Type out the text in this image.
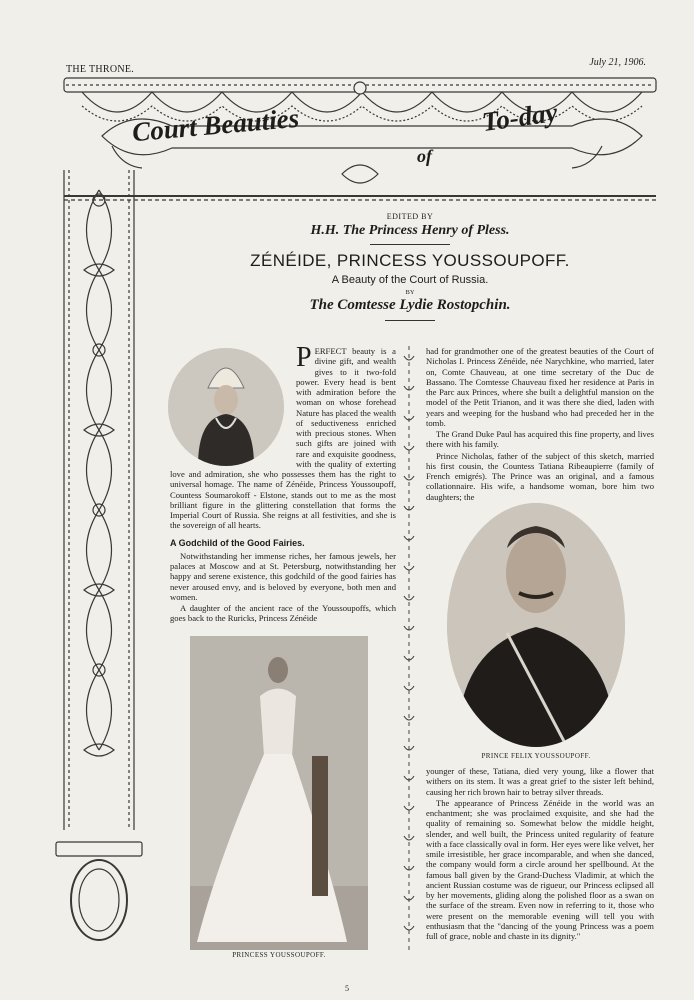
THE THRONE.
July 21, 1906.
Court Beauties
of
To-day
EDITED BY
H.H. The Princess Henry of Pless.
ZÉNÉIDE, PRINCESS YOUSSOUPOFF.
A Beauty of the Court of Russia.
BY
The Comtesse Lydie Rostopchin.

PERFECT beauty is a divine gift, and wealth gives to it two-fold power. Every head is bent with admiration before the woman on whose forehead Nature has placed the wealth of seductiveness enriched with precious stones. When such gifts are joined with rare and exquisite goodness, with the quality of exterting love and admiration, she who possesses them has the right to universal homage. The name of Zénéide, Princess Youssoupoff, Countess Soumarokoff - Elstone, stands out to me as the most brilliant figure in the glittering constellation that forms the Imperial Court of Russia. She reigns at all festivities, and she is the sovereign of all hearts.

A Godchild of the Good Fairies.

Notwithstanding her immense riches, her famous jewels, her palaces at Moscow and at St. Petersburg, notwithstanding her happy and serene existence, this godchild of the good fairies has never aroused envy, and is beloved by everyone, both men and women.

A daughter of the ancient race of the Youssoupoffs, which goes back to the Ruricks, Princess Zénéide

PRINCESS YOUSSOUPOFF.

had for grandmother one of the greatest beauties of the Court of Nicholas I. Princess Zénéide, née Narychkine, who married, later on, Comte Chauveau, at one time secretary of the Duc de Bassano. The Comtesse Chauveau fixed her residence at Paris in the Parc aux Princes, where she built a delightful mansion on the model of the Petit Trianon, and it was there she died, laden with years and weeping for the husband who had preceded her in the tomb.

The Grand Duke Paul has acquired this fine property, and lives there with his family.

Prince Nicholas, father of the subject of this sketch, married his first cousin, the Countess Tatiana Ribeaupierre (family of French emigrés). The Prince was an original, and a famous collationnaire. His wife, a handsome woman, bore him two daughters; the

PRINCE FELIX YOUSSOUPOFF.

younger of these, Tatiana, died very young, like a flower that withers on its stem. It was a great grief to the sister left behind, causing her rich brown hair to betray silver threads.

The appearance of Princess Zénéide in the world was an enchantment; she was proclaimed exquisite, and she had the quality of remaining so. Somewhat below the middle height, slender, and well built, the Princess united regularity of feature with a face classically oval in form. Her eyes were like velvet, her smile irresistible, her grace incomparable, and when she danced, the company would form a circle around her spellbound. At the famous ball given by the Grand-Duchess Vladimir, at which the ancient Russian costume was de rigueur, our Princess eclipsed all by her movements, gliding along the polished floor as a swan on the surface of the stream. Even now in referring to it, those who were present on the memorable evening will tell you with enthusiasm that the "dancing of the young Princess was a poem full of grace, noble and chaste in its dignity."

5
